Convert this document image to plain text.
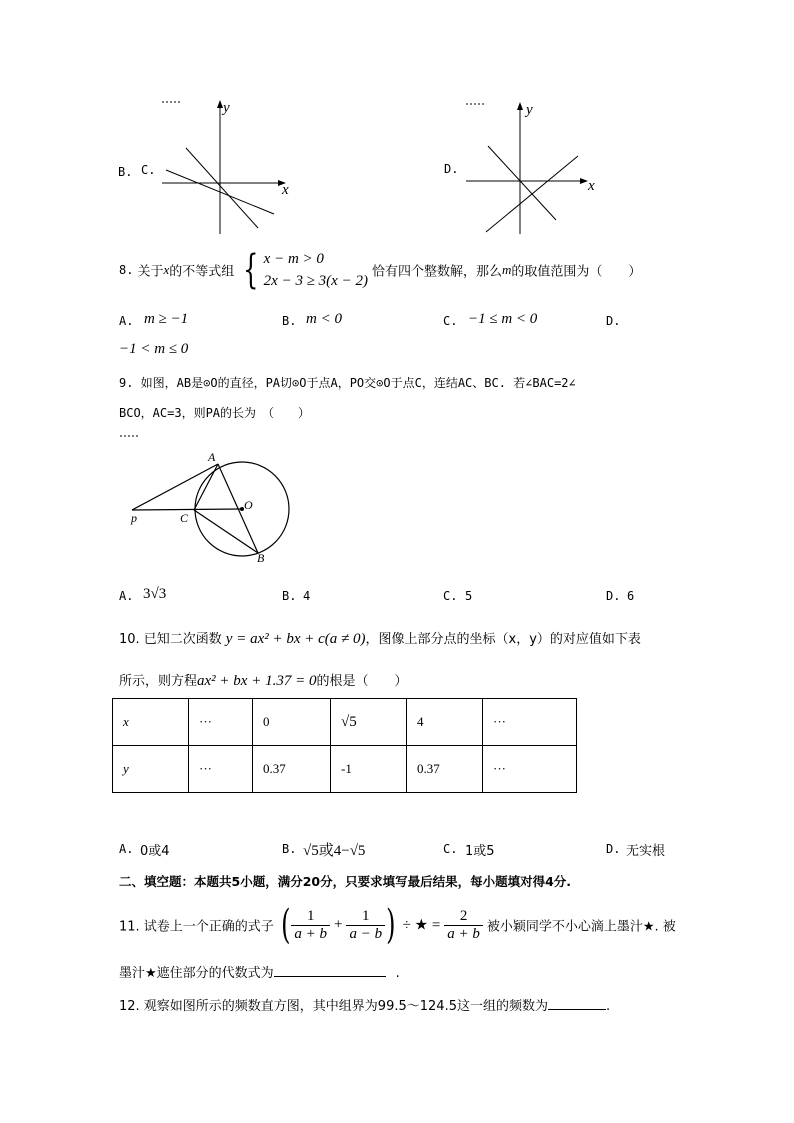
y
x
B. C.
y
x
D.
8. 关于x的不等式组 { x − m > 0
2x − 3 ≥ 3(x − 2)
恰有四个整数解，那么m的取值范围为（　　）
A. m ≥ −1	B. m < 0	C. −1 ≤ m < 0	D.
−1 < m ≤ 0
9. 如图，AB是⊙O的直径，PA切⊙O于点A，PO交⊙O于点C，连结AC、BC. 若∠BAC=2∠
BCO，AC=3，则PA的长为　（　　）
A
O
p	C
B
A. 3√3	B. 4	C. 5	D. 6
10. 已知二次函数 y = ax² + bx + c(a ≠ 0)，图像上部分点的坐标（x，y）的对应值如下表
所示，则方程ax² + bx + 1.37 = 0的根是（　　）
x	···	0	√5	4	···
y	···	0.37	-1	0.37	···
A. 0或4	B. √5或4−√5	C. 1或5	D. 无实根
二、填空题：本题共5小题，满分20分，只要求填写最后结果，每小题填对得4分.
11. 试卷上一个正确的式子 ( $\frac{1}{a + b} + \frac{1}{a - b}$ ) ÷ ★ = $\frac{2}{a + b}$ 被小颖同学不小心滴上墨汁★. 被
墨汁★遮住部分的代数式为	.
12. 观察如图所示的频数直方图，其中组界为99.5～124.5这一组的频数为	.
